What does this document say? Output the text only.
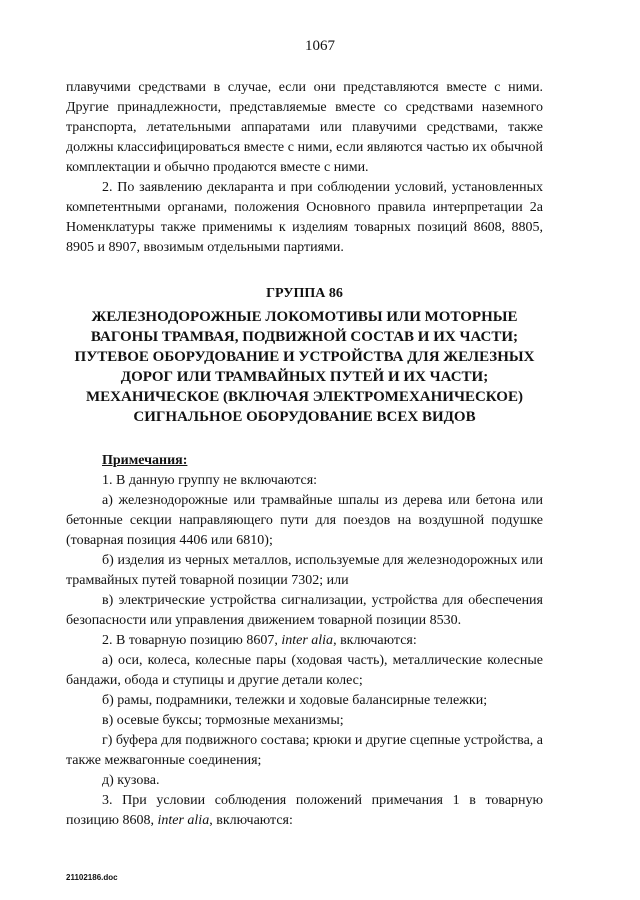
1067

плавучими средствами в случае, если они представляются вместе с ними. Другие принадлежности, представляемые вместе со средствами наземного транспорта, летательными аппаратами или плавучими средствами, также должны классифицироваться вместе с ними, если являются частью их обычной комплектации и обычно продаются вместе с ними.

2. По заявлению декларанта и при соблюдении условий, установленных компетентными органами, положения Основного правила интерпретации 2а Номенклатуры также применимы к изделиям товарных позиций 8608, 8805, 8905 и 8907, ввозимым отдельными партиями.

ГРУППА 86

ЖЕЛЕЗНОДОРОЖНЫЕ ЛОКОМОТИВЫ ИЛИ МОТОРНЫЕ ВАГОНЫ ТРАМВАЯ, ПОДВИЖНОЙ СОСТАВ И ИХ ЧАСТИ; ПУТЕВОЕ ОБОРУДОВАНИЕ И УСТРОЙСТВА ДЛЯ ЖЕЛЕЗНЫХ ДОРОГ ИЛИ ТРАМВАЙНЫХ ПУТЕЙ И ИХ ЧАСТИ; МЕХАНИЧЕСКОЕ (ВКЛЮЧАЯ ЭЛЕКТРОМЕХАНИЧЕСКОЕ) СИГНАЛЬНОЕ ОБОРУДОВАНИЕ ВСЕХ ВИДОВ

Примечания:

1. В данную группу не включаются:

а) железнодорожные или трамвайные шпалы из дерева или бетона или бетонные секции направляющего пути для поездов на воздушной подушке (товарная позиция 4406 или 6810);

б) изделия из черных металлов, используемые для железнодорожных или трамвайных путей товарной позиции 7302; или

в) электрические устройства сигнализации, устройства для обеспечения безопасности или управления движением товарной позиции 8530.

2. В товарную позицию 8607, inter alia, включаются:

а) оси, колеса, колесные пары (ходовая часть), металлические колесные бандажи, обода и ступицы и другие детали колес;

б) рамы, подрамники, тележки и ходовые балансирные тележки;

в) осевые буксы; тормозные механизмы;

г) буфера для подвижного состава; крюки и другие сцепные устройства, а также межвагонные соединения;

д) кузова.

3. При условии соблюдения положений примечания 1 в товарную позицию 8608, inter alia, включаются:

21102186.doc
